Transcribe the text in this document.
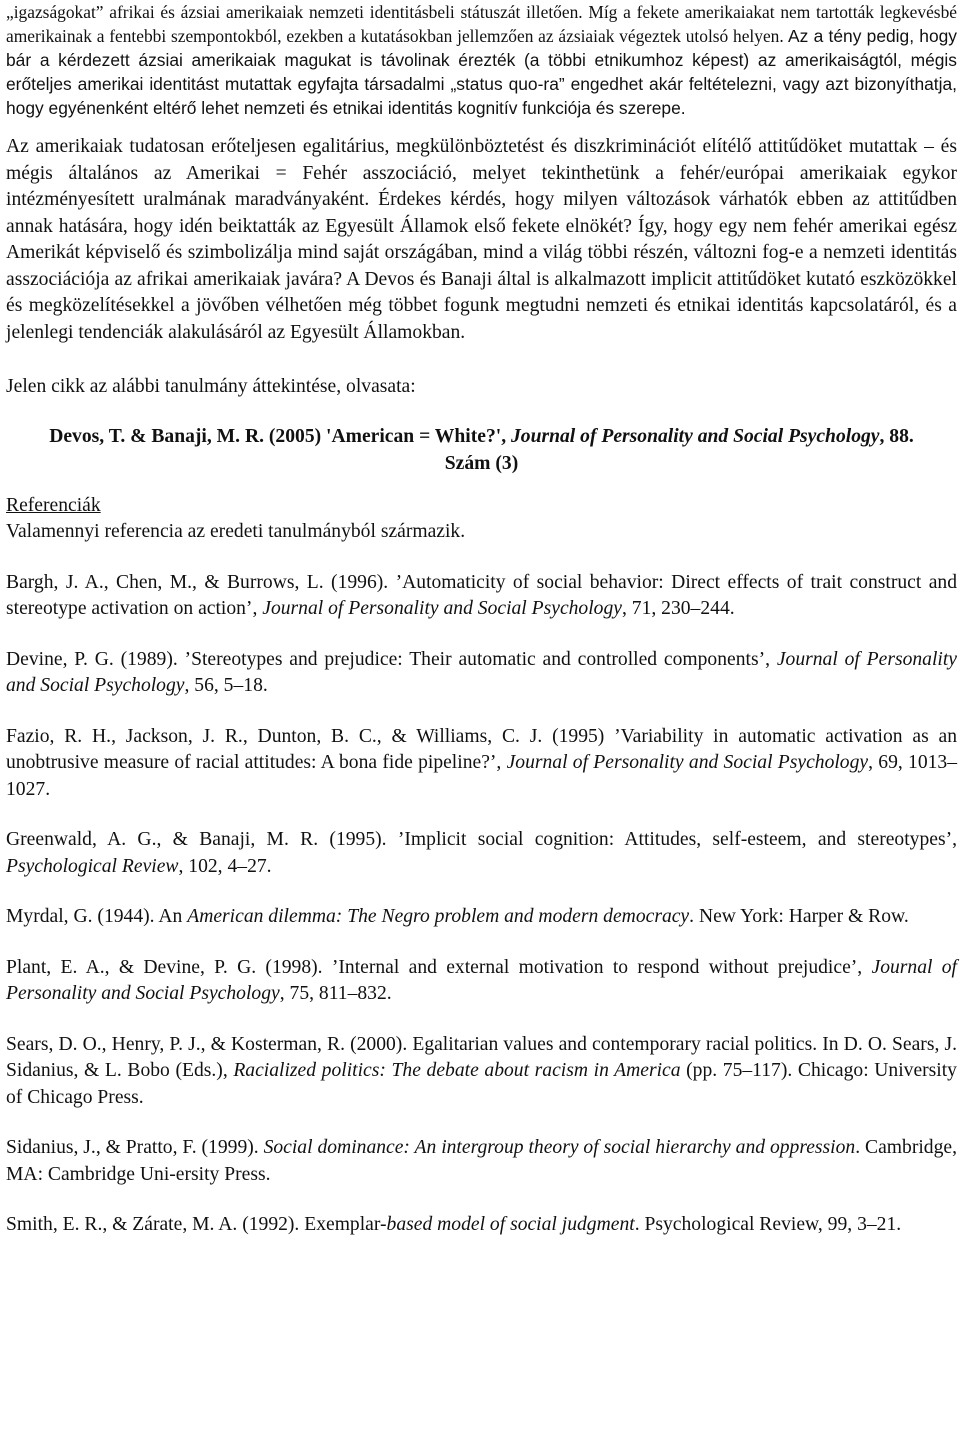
„igazságokat” afrikai és ázsiai amerikaiak nemzeti identitásbeli státuszát illetően. Míg a fekete amerikaiakat nem tartották legkevésbé amerikainak a fentebbi szempontokból, ezekben a kutatásokban jellemzően az ázsiaiak végeztek utolsó helyen. Az a tény pedig, hogy bár a kérdezett ázsiai amerikaiak magukat is távolinak érezték (a többi etnikumhoz képest) az amerikaiságtól, mégis erőteljes amerikai identitást mutattak egyfajta társadalmi „status quo-ra” engedhet akár feltételezni, vagy azt bizonyíthatja, hogy egyénenként eltérő lehet nemzeti és etnikai identitás kognitív funkciója és szerepe.

Az amerikaiak tudatosan erőteljesen egalitárius, megkülönböztetést és diszkriminációt elítélő attitűdöket mutattak – és mégis általános az Amerikai = Fehér asszociáció, melyet tekinthetünk a fehér/európai amerikaiak egykor intézményesített uralmának maradványaként. Érdekes kérdés, hogy milyen változások várhatók ebben az attitűdben annak hatására, hogy idén beiktatták az Egyesült Államok első fekete elnökét? Így, hogy egy nem fehér amerikai egész Amerikát képviselő és szimbolizálja mind saját országában, mind a világ többi részén, változni fog-e a nemzeti identitás asszociációja az afrikai amerikaiak javára? A Devos és Banaji által is alkalmazott implicit attitűdöket kutató eszközökkel és megközelítésekkel a jövőben vélhetően még többet fogunk megtudni nemzeti és etnikai identitás kapcsolatáról, és a jelenlegi tendenciák alakulásáról az Egyesült Államokban.

Jelen cikk az alábbi tanulmány áttekintése, olvasata:

Devos, T. & Banaji, M. R. (2005) 'American = White?', Journal of Personality and Social Psychology, 88. Szám (3)

Referenciák

Valamennyi referencia az eredeti tanulmányból származik.

Bargh, J. A., Chen, M., & Burrows, L. (1996). ’Automaticity of social behavior: Direct effects of trait construct and stereotype activation on action’, Journal of Personality and Social Psychology, 71, 230–244.

Devine, P. G. (1989). ’Stereotypes and prejudice: Their automatic and controlled components’, Journal of Personality and Social Psychology, 56, 5–18.

Fazio, R. H., Jackson, J. R., Dunton, B. C., & Williams, C. J. (1995) ’Variability in automatic activation as an unobtrusive measure of racial attitudes: A bona fide pipeline?’, Journal of Personality and Social Psychology, 69, 1013–1027.

Greenwald, A. G., & Banaji, M. R. (1995). ’Implicit social cognition: Attitudes, self-esteem, and stereotypes’, Psychological Review, 102, 4–27.

Myrdal, G. (1944). An American dilemma: The Negro problem and modern democracy. New York: Harper & Row.

Plant, E. A., & Devine, P. G. (1998). ’Internal and external motivation to respond without prejudice’, Journal of Personality and Social Psychology, 75, 811–832.

Sears, D. O., Henry, P. J., & Kosterman, R. (2000). Egalitarian values and contemporary racial politics. In D. O. Sears, J. Sidanius, & L. Bobo (Eds.), Racialized politics: The debate about racism in America (pp. 75–117). Chicago: University of Chicago Press.

Sidanius, J., & Pratto, F. (1999). Social dominance: An intergroup theory of social hierarchy and oppression. Cambridge, MA: Cambridge Uni-ersity Press.

Smith, E. R., & Zárate, M. A. (1992). Exemplar-based model of social judgment. Psychological Review, 99, 3–21.
